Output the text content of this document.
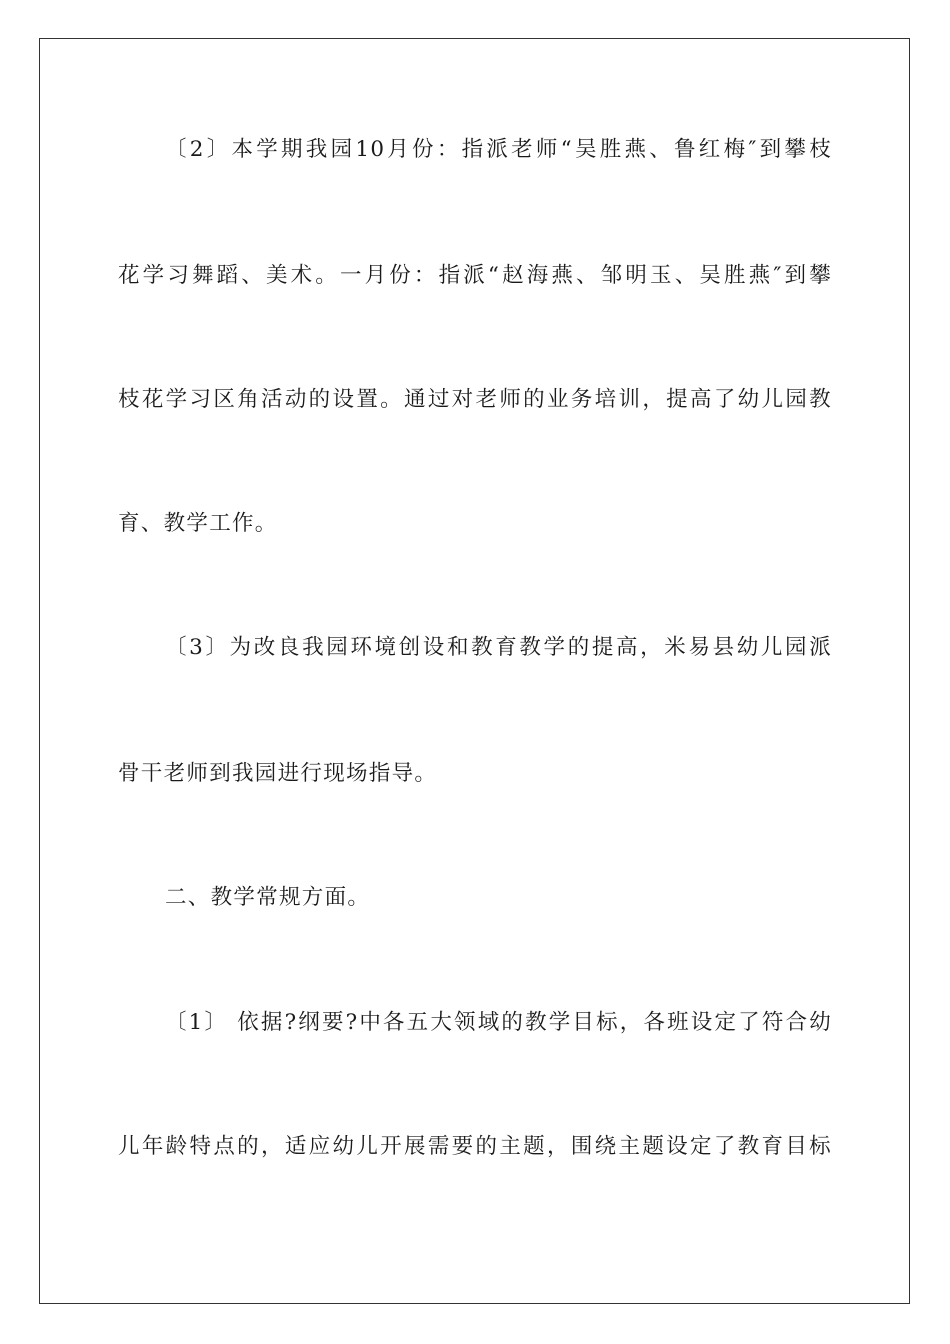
〔2〕本学期我园10月份：指派老师“吴胜燕、鲁红梅″到攀枝
花学习舞蹈、美术。一月份：指派“赵海燕、邹明玉、吴胜燕″到攀
枝花学习区角活动的设置。通过对老师的业务培训，提高了幼儿园教
育、教学工作。
〔3〕为改良我园环境创设和教育教学的提高，米易县幼儿园派
骨干老师到我园进行现场指导。
二、教学常规方面。
〔1〕 依据?纲要?中各五大领域的教学目标，各班设定了符合幼
儿年龄特点的，适应幼儿开展需要的主题，围绕主题设定了教育目标
